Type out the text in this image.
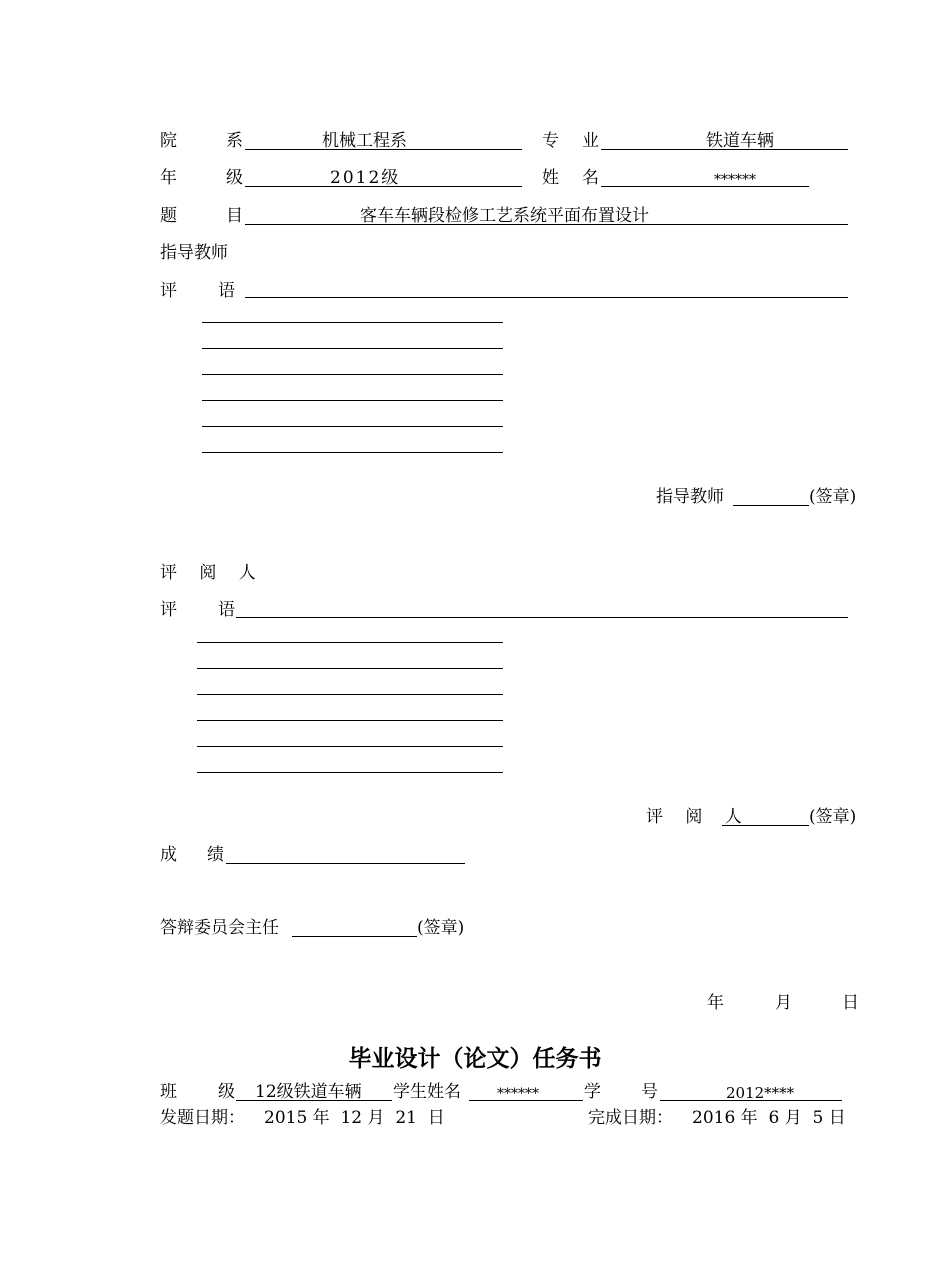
院	系	机械工程系	专 业	铁道车辆
年	级	2012级	姓 名	******
题	目	客车车辆段检修工艺系统平面布置设计
指导教师
评 语
指导教师	(签章)
评 阅 人
评 语
评 阅 人	(签章)
成 绩
答辩委员会主任	(签章)
年	月	日
毕业设计（论文）任务书
班 级 12级铁道车辆 学生姓名	******	学 号	2012****
发题日期： 2015 年  12 月  21  日	完成日期： 2016 年  6 月  5 日
